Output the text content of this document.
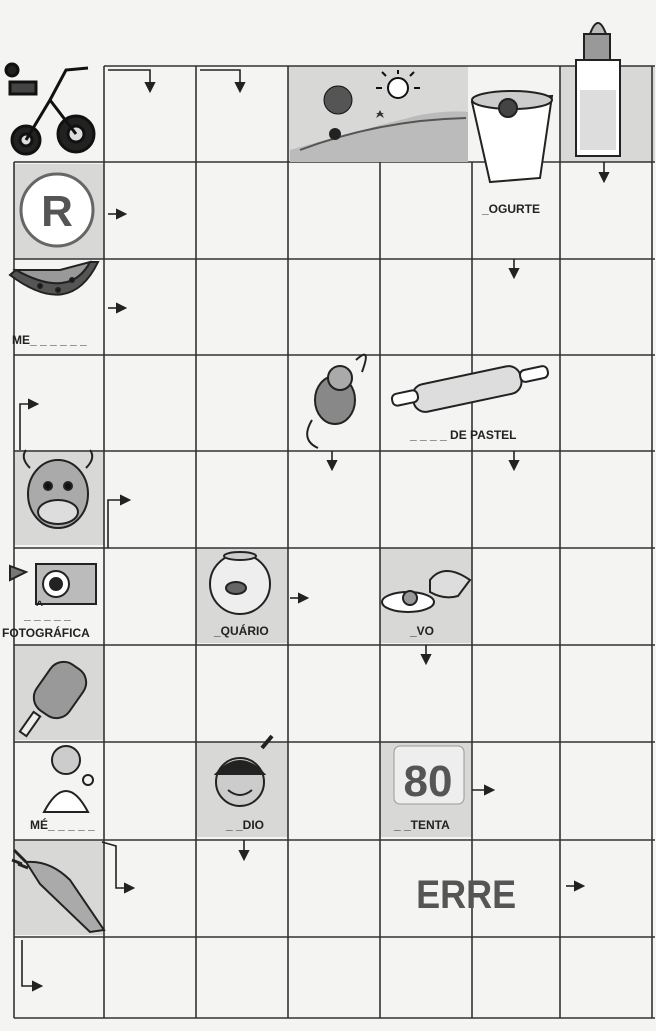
R
80
ERRE
_OGURTE
ME_ _ _ _ _ _
_ _ _ _ DE PASTEL
^
_ _ _ _ _
FOTOGRÁFICA	_QUÁRIO	_VO
MÉ_ _ _ _ _	_ _DIO	_ _TENTA
